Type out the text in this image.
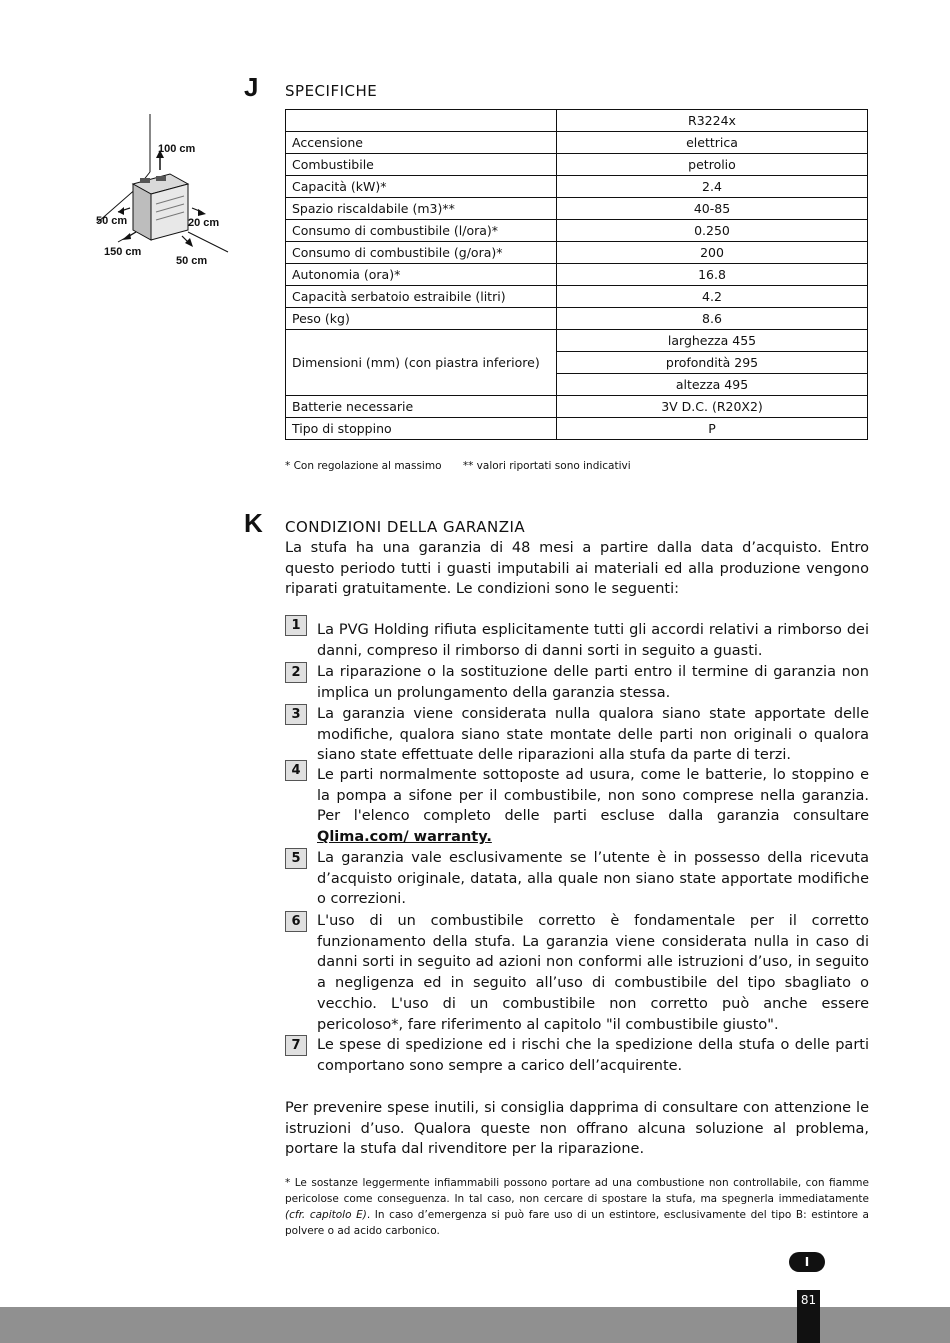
J SPECIFICHE
100 cm
50 cm	20 cm
150 cm
50 cm
	R3224x
Accensione	elettrica
Combustibile	petrolio
Capacità (kW)*	2.4
Spazio riscaldabile (m3)**	40-85
Consumo di combustibile (l/ora)*	0.250
Consumo di combustibile (g/ora)*	200
Autonomia (ora)*	16.8
Capacità serbatoio estraibile (litri)	4.2
Peso (kg)	8.6
Dimensioni (mm) (con piastra inferiore)	larghezza 455
	profondità 295
	altezza 495
Batterie necessarie	3V D.C. (R20X2)
Tipo di stoppino	P
* Con regolazione al massimo ** valori riportati sono indicativi
K CONDIZIONI DELLA GARANZIA
La stufa ha una garanzia di 48 mesi a partire dalla data d’acquisto. Entro questo periodo tutti i guasti imputabili ai materiali ed alla produzione vengono riparati gratuitamente. Le condizioni sono le seguenti:
1	La PVG Holding rifiuta esplicitamente tutti gli accordi relativi a rimborso dei danni, compreso il rimborso di danni sorti in seguito a guasti.
2	La riparazione o la sostituzione delle parti entro il termine di garanzia non implica un prolungamento della garanzia stessa.
3	La garanzia viene considerata nulla qualora siano state apportate delle modifiche, qualora siano state montate delle parti non originali o qualora siano state effettuate delle riparazioni alla stufa da parte di terzi.
4	Le parti normalmente sottoposte ad usura, come le batterie, lo stoppino e la pompa a sifone per il combustibile, non sono comprese nella garanzia. Per l'elenco completo delle parti escluse dalla garanzia consultare Qlima.com/ warranty.
5	La garanzia vale esclusivamente se l’utente è in possesso della ricevuta d’acquisto originale, datata, alla quale non siano state apportate modifiche o correzioni.
6	L'uso di un combustibile corretto è fondamentale per il corretto funzionamento della stufa. La garanzia viene considerata nulla in caso di danni sorti in seguito ad azioni non conformi alle istruzioni d’uso, in seguito a negligenza ed in seguito all’uso di combustibile del tipo sbagliato o vecchio. L'uso di un combustibile non corretto può anche essere pericoloso*, fare riferimento al capitolo "il combustibile giusto".
7	Le spese di spedizione ed i rischi che la spedizione della stufa o delle parti comportano sono sempre a carico dell’acquirente.
Per prevenire spese inutili, si consiglia dapprima di consultare con attenzione le istruzioni d’uso. Qualora queste non offrano alcuna soluzione al problema, portare la stufa dal rivenditore per la riparazione.
* Le sostanze leggermente infiammabili possono portare ad una combustione non controllabile, con fiamme pericolose come conseguenza. In tal caso, non cercare di spostare la stufa, ma spegnerla immediatamente (cfr. capitolo E). In caso d’emergenza si può fare uso di un estintore, esclusivamente del tipo B: estintore a polvere o ad acido carbonico.
I
81
